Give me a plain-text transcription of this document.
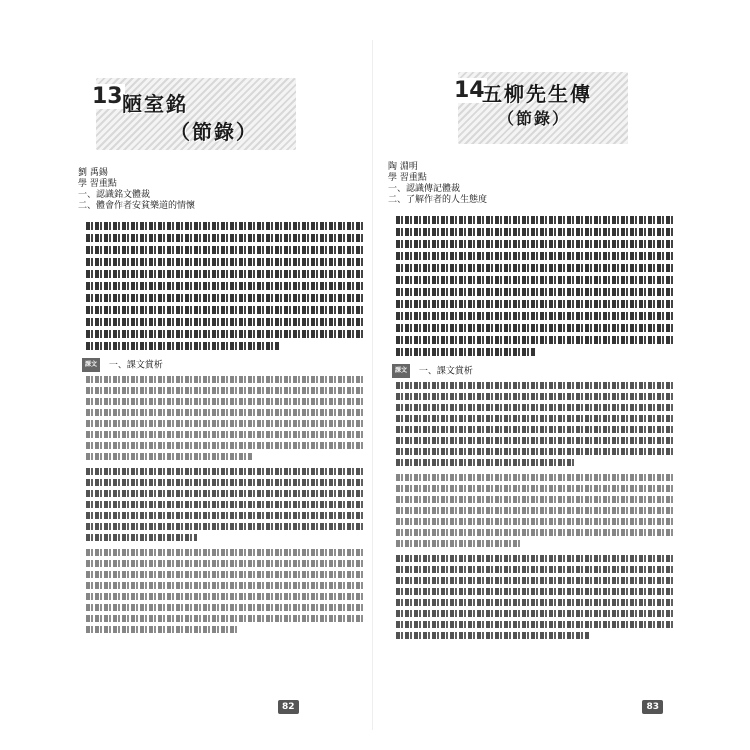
13 陋室銘
（節錄）
劉 禹錫
學 習重點
一、認識銘文體裁
二、體會作者安貧樂道的情懷
課文 一、課文賞析
82
14
五柳先生傳
（節錄）
陶 淵明
學 習重點
一、認識傳記體裁
二、了解作者的人生態度
課文 一、課文賞析
83
